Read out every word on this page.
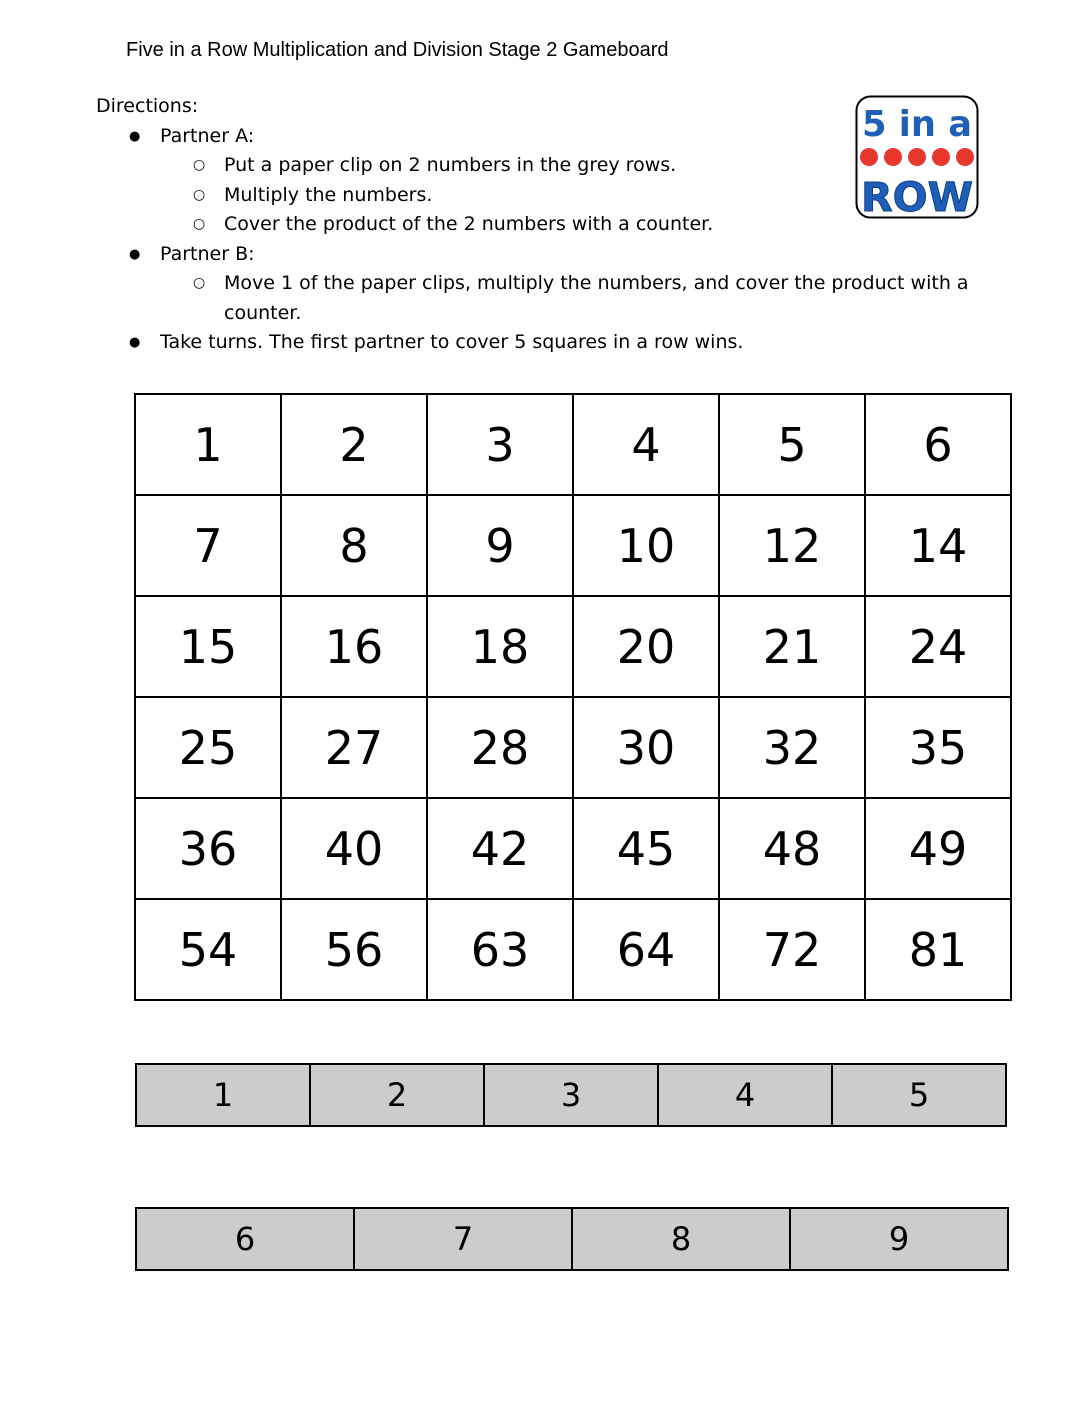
Five in a Row Multiplication and Division Stage 2 Gameboard

Directions:

● Partner A:
○ Put a paper clip on 2 numbers in the grey rows.
○ Multiply the numbers.
○ Cover the product of the 2 numbers with a counter.
● Partner B:
○ Move 1 of the paper clips, multiply the numbers, and cover the product with a counter.
● Take turns. The first partner to cover 5 squares in a row wins.
5 in a
ROW
1	2	3	4	5	6
7	8	9	10	12	14
15	16	18	20	21	24
25	27	28	30	32	35
36	40	42	45	48	49
54	56	63	64	72	81
1	2	3	4	5
6	7	8	9
